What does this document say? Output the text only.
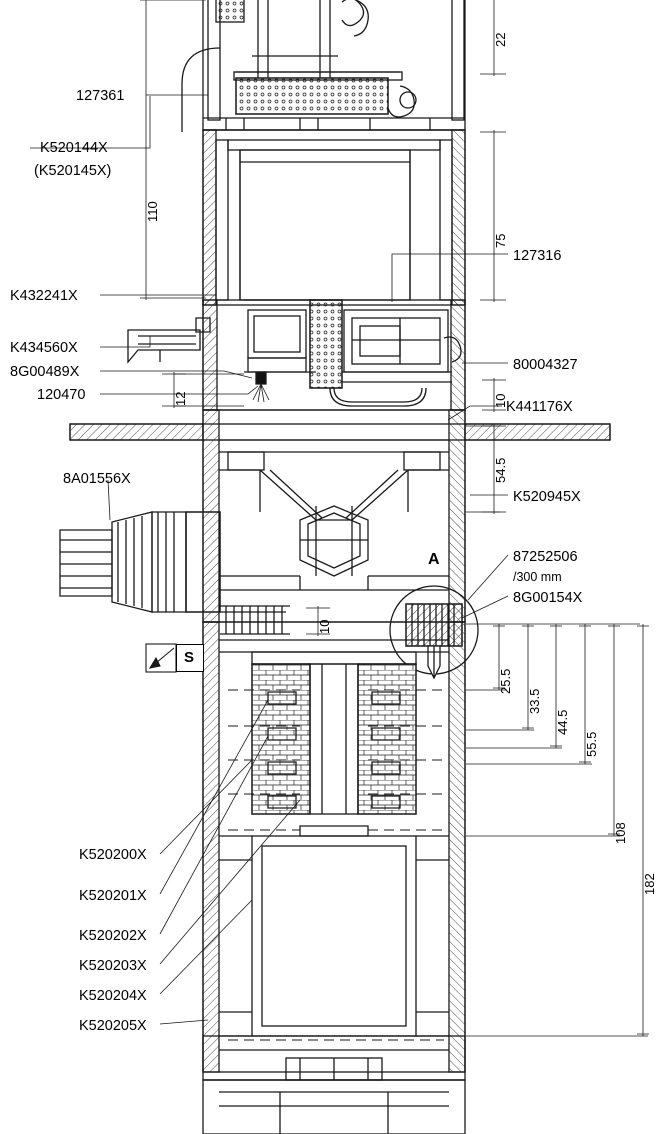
127361
K520144X
(K520145X)
K432241X
K434560X
8G00489X
120470
8A01556X
K520200X
K520201X
K520202X
K520203X
K520204X
K520205X
127316
80004327
K441176X
K520945X
87252506
/300 mm
8G00154X
22
110
75
12	10
54.5
10
25.5
33.5
44.5
55.5
108
182
A
S
